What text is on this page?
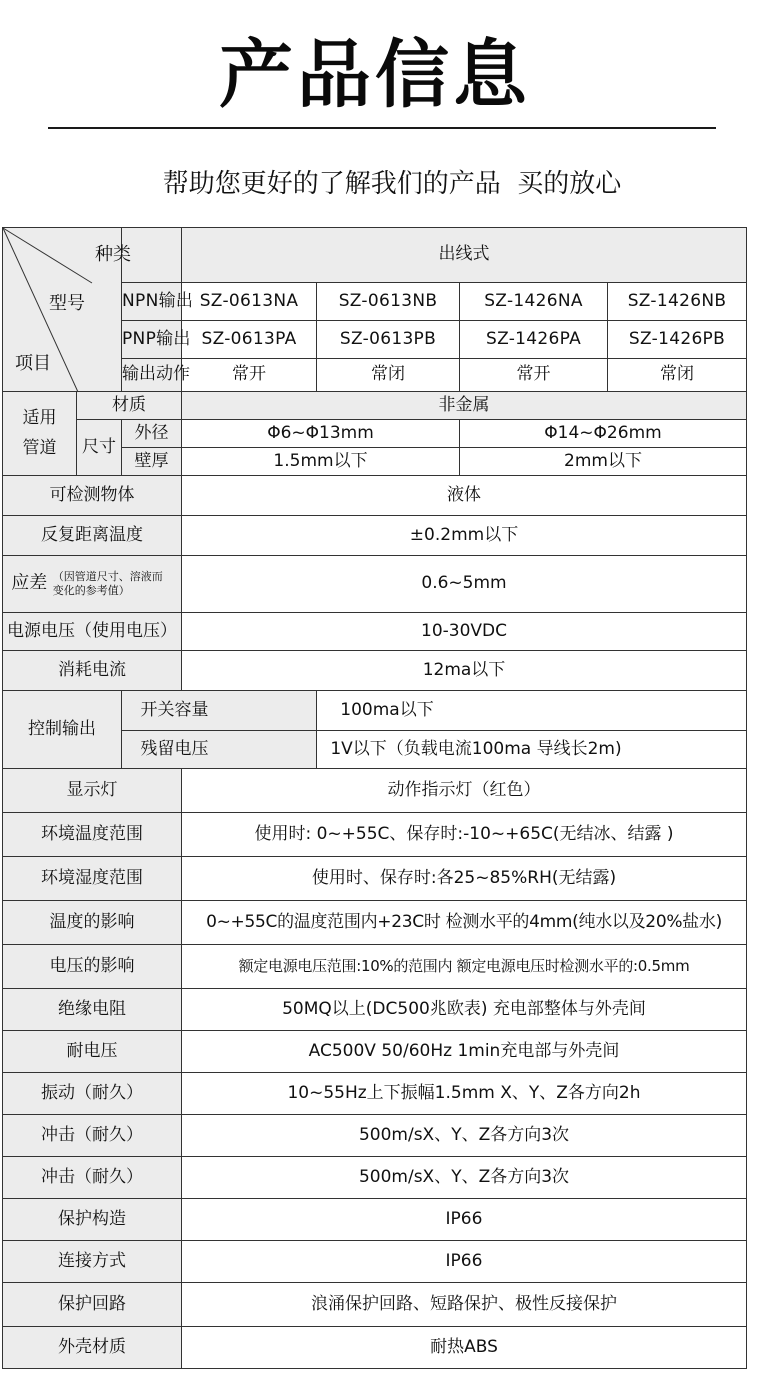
产品信息
帮助您更好的了解我们的产品  买的放心
种类
型号
项目			出线式			
		NPN输出	SZ-0613NA	SZ-0613NB	SZ-1426NA	SZ-1426NB
		PNP输出	SZ-0613PA	SZ-0613PB	SZ-1426PA	SZ-1426PB
		输出动作	常开	常闭	常开	常闭

适用
管道	材质		非金属			
	尺寸	外径	Φ6~Φ13mm		Φ14~Φ26mm	
		壁厚	1.5mm以下		2mm以下	
可检测物体			液体			
反复距离温度			±0.2mm以下			
应差 （因管道尺寸、溶液而变化的参考值）			0.6~5mm			
电源电压（使用电压）			10-30VDC			
消耗电流			12ma以下			
控制输出		开关容量		100ma以下		

		残留电压		1V以下（负载电流100ma 导线长2m)		

显示灯			动作指示灯（红色）			
环境温度范围			使用时: 0~+55C、保存时:-10~+65C(无结冰、结露 )			
环境湿度范围			使用时、保存时:各25~85%RH(无结露)			
温度的影响			0~+55C的温度范围内+23C时 检测水平的4mm(纯水以及20%盐水)			
电压的影响			额定电源电压范围:10%的范围内 额定电源电压时检测水平的:0.5mm			
绝缘电阻			50MQ以上(DC500兆欧表) 充电部整体与外壳间			
耐电压			AC500V 50/60Hz 1min充电部与外壳间			
振动（耐久）			10~55Hz上下振幅1.5mm X、Y、Z各方向2h			
冲击（耐久）			500m/sX、Y、Z各方向3次			
冲击（耐久）			500m/sX、Y、Z各方向3次			
保护构造			IP66			
连接方式			IP66			
保护回路			浪涌保护回路、短路保护、极性反接保护			
外壳材质			耐热ABS			
